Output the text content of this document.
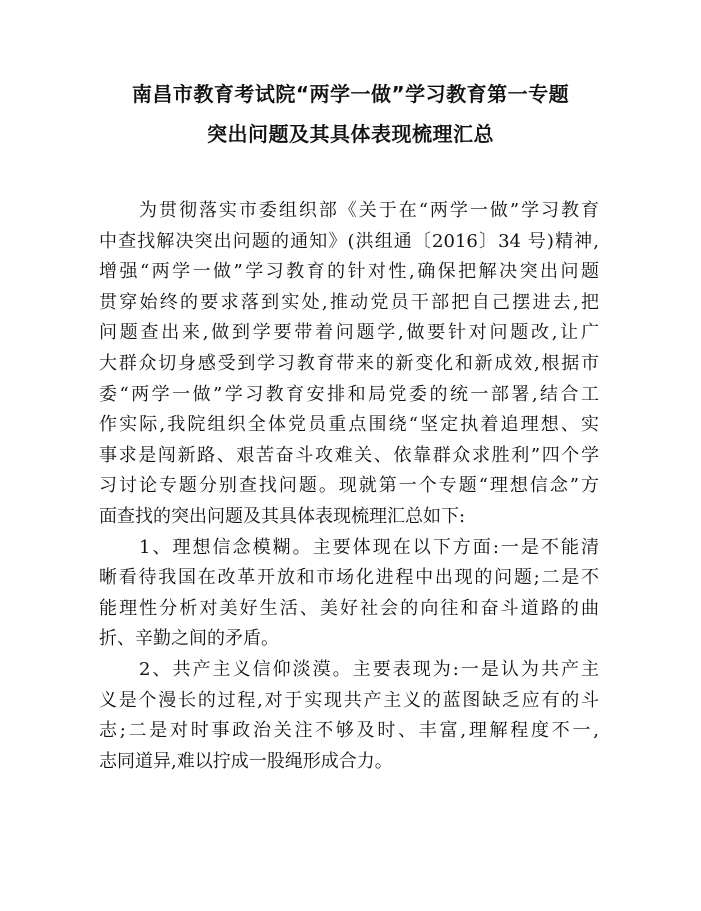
南昌市教育考试院“两学一做”学习教育第一专题
突出问题及其具体表现梳理汇总
为贯彻落实市委组织部《关于在“两学一做”学习教育
中查找解决突出问题的通知》(洪组通〔2016〕34 号)精神,
增强“两学一做”学习教育的针对性,确保把解决突出问题
贯穿始终的要求落到实处,推动党员干部把自己摆进去,把
问题查出来,做到学要带着问题学,做要针对问题改,让广
大群众切身感受到学习教育带来的新变化和新成效,根据市
委“两学一做”学习教育安排和局党委的统一部署,结合工
作实际,我院组织全体党员重点围绕“坚定执着追理想、实
事求是闯新路、艰苦奋斗攻难关、依靠群众求胜利”四个学
习讨论专题分别查找问题。现就第一个专题“理想信念”方
面查找的突出问题及其具体表现梳理汇总如下:
1、理想信念模糊。主要体现在以下方面:一是不能清
晰看待我国在改革开放和市场化进程中出现的问题;二是不
能理性分析对美好生活、美好社会的向往和奋斗道路的曲
折、辛勤之间的矛盾。
2、共产主义信仰淡漠。主要表现为:一是认为共产主
义是个漫长的过程,对于实现共产主义的蓝图缺乏应有的斗
志;二是对时事政治关注不够及时、丰富,理解程度不一,
志同道异,难以拧成一股绳形成合力。
